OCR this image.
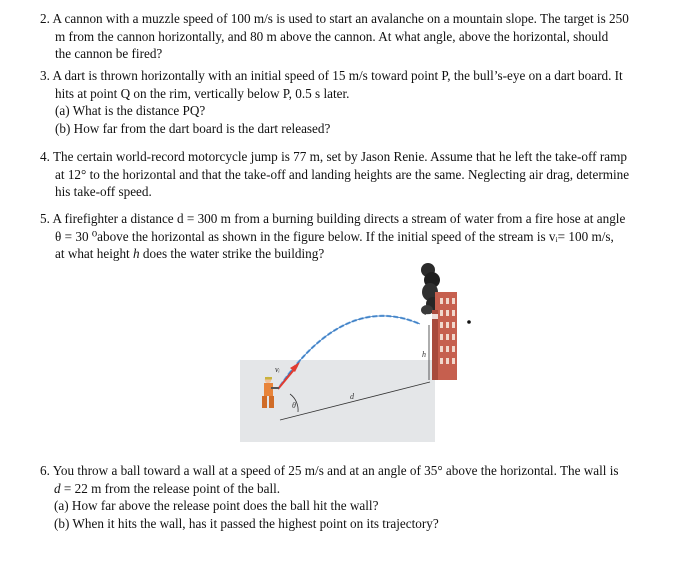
2. A cannon with a muzzle speed of 100 m/s is used to start an avalanche on a mountain slope. The target is 250
m from the cannon horizontally, and 80 m above the cannon. At what angle, above the horizontal, should
the cannon be fired?
3. A dart is thrown horizontally with an initial speed of 15 m/s toward point P, the bull’s-eye on a dart board. It
hits at point Q on the rim, vertically below P, 0.5 s later.
(a) What is the distance PQ?
(b) How far from the dart board is the dart released?
4. The certain world-record motorcycle jump is 77 m, set by Jason Renie. Assume that he left the take-off ramp
at 12° to the horizontal and that the take-off and landing heights are the same. Neglecting air drag, determine
his take-off speed.
5. A firefighter a distance d = 300 m from a burning building directs a stream of water from a fire hose at angle
θ = 30 ⁰above the horizontal as shown in the figure below. If the initial speed of the stream is vᵢ= 100 m/s,
at what height h does the water strike the building?
vᵢ
d
θ
h
6. You throw a ball toward a wall at a speed of 25 m/s and at an angle of 35° above the horizontal. The wall is
d = 22 m from the release point of the ball.
(a) How far above the release point does the ball hit the wall?
(b) When it hits the wall, has it passed the highest point on its trajectory?
